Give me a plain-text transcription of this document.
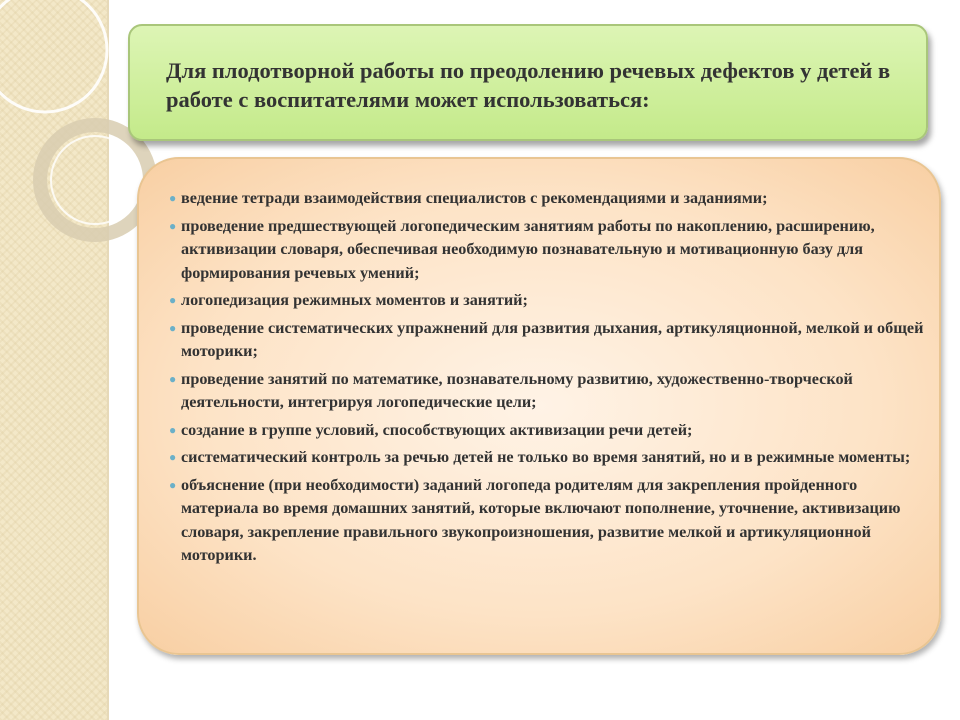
Для плодотворной работы по преодолению речевых дефектов у детей в работе с воспитателями может использоваться:

● ведение тетради взаимодействия специалистов с рекомендациями и заданиями;
● проведение предшествующей логопедическим занятиям работы по накоплению, расширению, активизации словаря, обеспечивая необходимую познавательную и мотивационную базу для формирования речевых умений;
● логопедизация режимных моментов и занятий;
● проведение систематических упражнений для развития дыхания, артикуляционной, мелкой и общей моторики;
● проведение занятий по математике, познавательному развитию, художественно-творческой деятельности, интегрируя логопедические цели;
● создание в группе условий, способствующих активизации речи детей;
● систематический контроль за речью детей не только во время занятий, но и в режимные моменты;
● объяснение (при необходимости) заданий логопеда родителям для закрепления пройденного материала во время домашних занятий, которые включают пополнение, уточнение, активизацию словаря, закрепление правильного звукопроизношения, развитие мелкой и артикуляционной моторики.
